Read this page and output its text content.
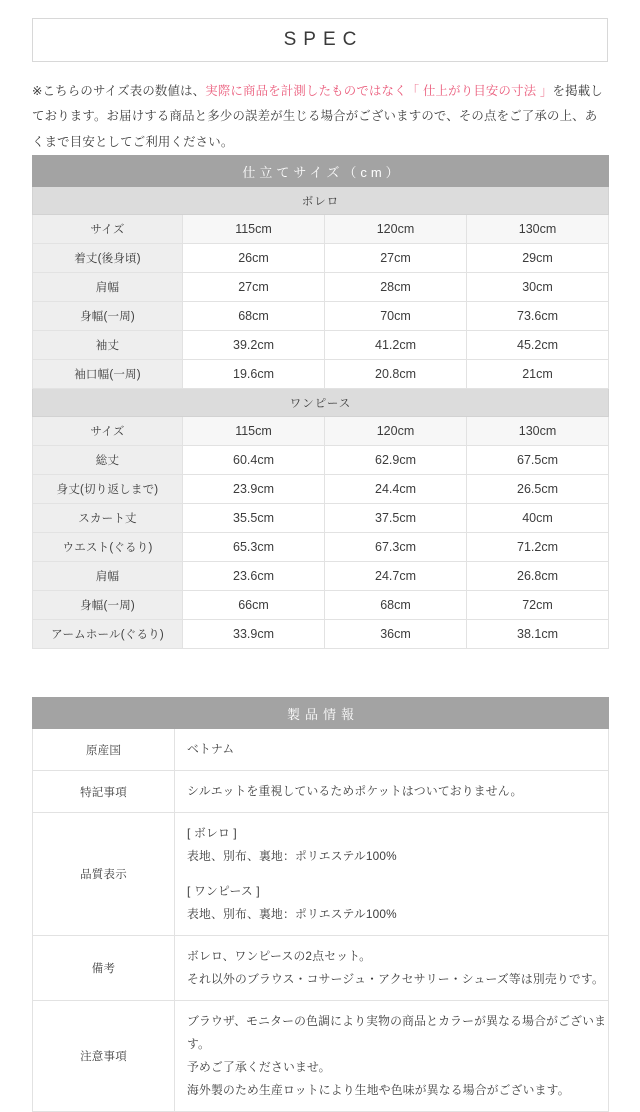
SPEC

※こちらのサイズ表の数値は、実際に商品を計測したものではなく「 仕上がり目安の寸法 」を掲載しております。お届けする商品と多少の誤差が生じる場合がございますので、その点をご了承の上、あくまで目安としてご利用ください。

仕立てサイズ（cm）			
ボレロ			
サイズ	115cm	120cm	130cm
着丈(後身頃)	26cm	27cm	29cm
肩幅	27cm	28cm	30cm
身幅(一周)	68cm	70cm	73.6cm
袖丈	39.2cm	41.2cm	45.2cm
袖口幅(一周)	19.6cm	20.8cm	21cm
ワンピース			
サイズ	115cm	120cm	130cm
総丈	60.4cm	62.9cm	67.5cm
身丈(切り返しまで)	23.9cm	24.4cm	26.5cm
スカート丈	35.5cm	37.5cm	40cm
ウエスト(ぐるり)	65.3cm	67.3cm	71.2cm
肩幅	23.6cm	24.7cm	26.8cm
身幅(一周)	66cm	68cm	72cm
アームホール(ぐるり)	33.9cm	36cm	38.1cm
製品情報	
原産国	ベトナム

特記事項	シルエットを重視しているためポケットはついておりません。

品質表示	[ ボレロ ]
表地、別布、裏地：ポリエステル100%
[ ワンピース ]
表地、別布、裏地：ポリエステル100%

備考	ボレロ、ワンピースの2点セット。
それ以外のブラウス・コサージュ・アクセサリー・シューズ等は別売りです。

注意事項	ブラウザ、モニターの色調により実物の商品とカラーが異なる場合がございます。
予めご了承くださいませ。
海外製のため生産ロットにより生地や色味が異なる場合がございます。
